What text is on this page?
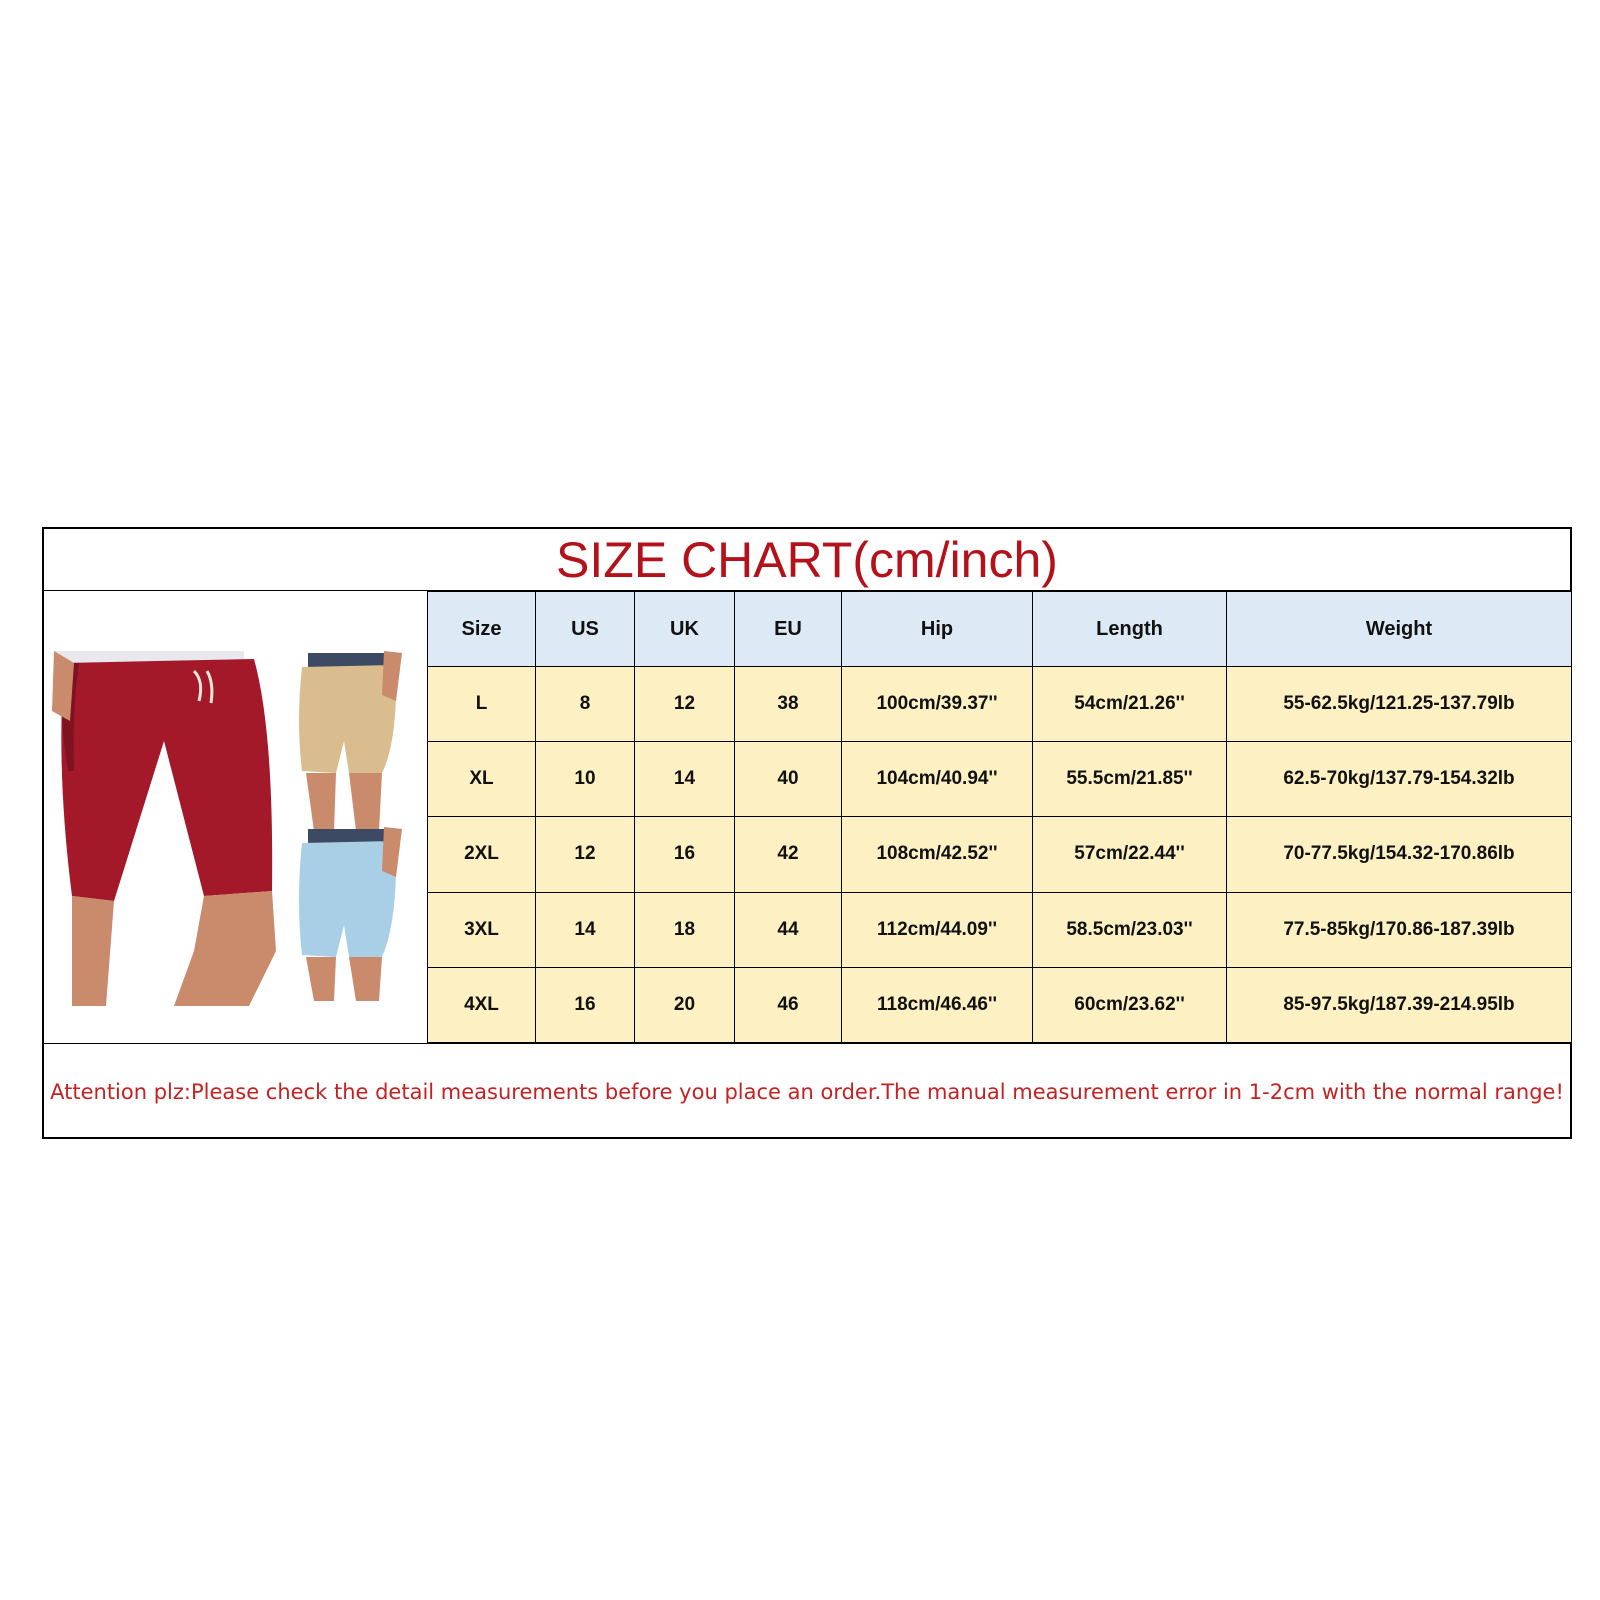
SIZE CHART(cm/inch)
Size	US	UK	EU	Hip	Length	Weight
L	8	12	38	100cm/39.37''	54cm/21.26''	55-62.5kg/121.25-137.79lb
XL	10	14	40	104cm/40.94''	55.5cm/21.85''	62.5-70kg/137.79-154.32lb
2XL	12	16	42	108cm/42.52''	57cm/22.44''	70-77.5kg/154.32-170.86lb
3XL	14	18	44	112cm/44.09''	58.5cm/23.03''	77.5-85kg/170.86-187.39lb
4XL	16	20	46	118cm/46.46''	60cm/23.62''	85-97.5kg/187.39-214.95lb
Attention plz:Please check the detail measurements before you place an order.The manual measurement error in 1-2cm with the normal range!
